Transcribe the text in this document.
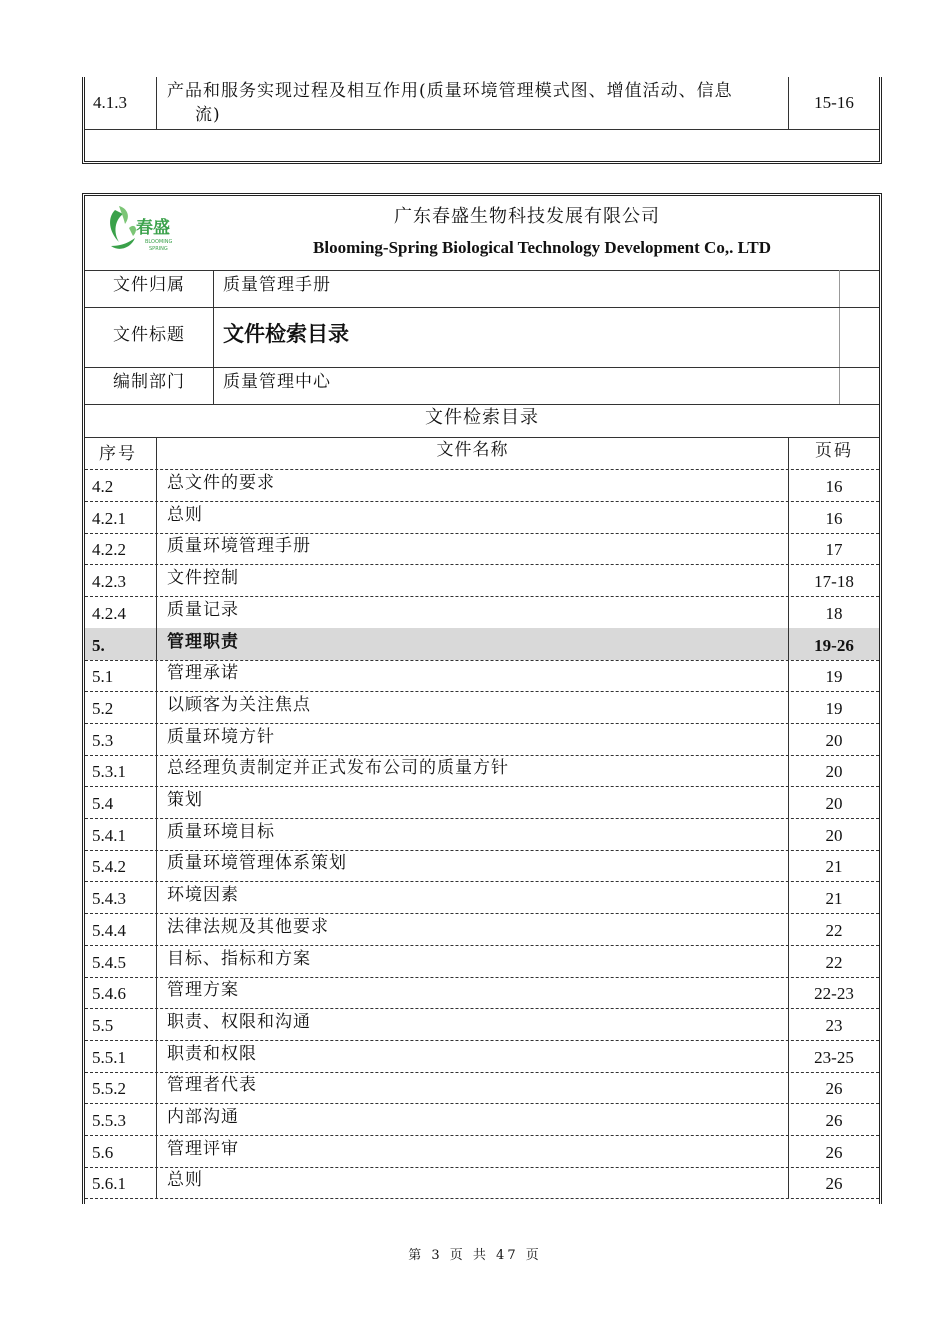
4.1.3
产品和服务实现过程及相互作用(质量环境管理模式图、增值活动、信息
流)
15-16
春盛
BLOOMING
SPRING
广东春盛生物科技发展有限公司
Blooming-Spring Biological Technology Development Co,. LTD
文件归属	质量管理手册
文件标题	文件检索目录
编制部门	质量管理中心
文件检索目录
序号	文件名称	页码
4.2	总文件的要求	16
4.2.1	总则	16
4.2.2	质量环境管理手册	17
4.2.3	文件控制	17-18
4.2.4	质量记录	18
5.	管理职责	19-26
5.1	管理承诺	19
5.2	以顾客为关注焦点	19
5.3	质量环境方针	20
5.3.1	总经理负责制定并正式发布公司的质量方针	20
5.4	策划	20
5.4.1	质量环境目标	20
5.4.2	质量环境管理体系策划	21
5.4.3	环境因素	21
5.4.4	法律法规及其他要求	22
5.4.5	目标、指标和方案	22
5.4.6	管理方案	22-23
5.5	职责、权限和沟通	23
5.5.1	职责和权限	23-25
5.5.2	管理者代表	26
5.5.3	内部沟通	26
5.6	管理评审	26
5.6.1	总则	26
第 3 页 共 47 页
